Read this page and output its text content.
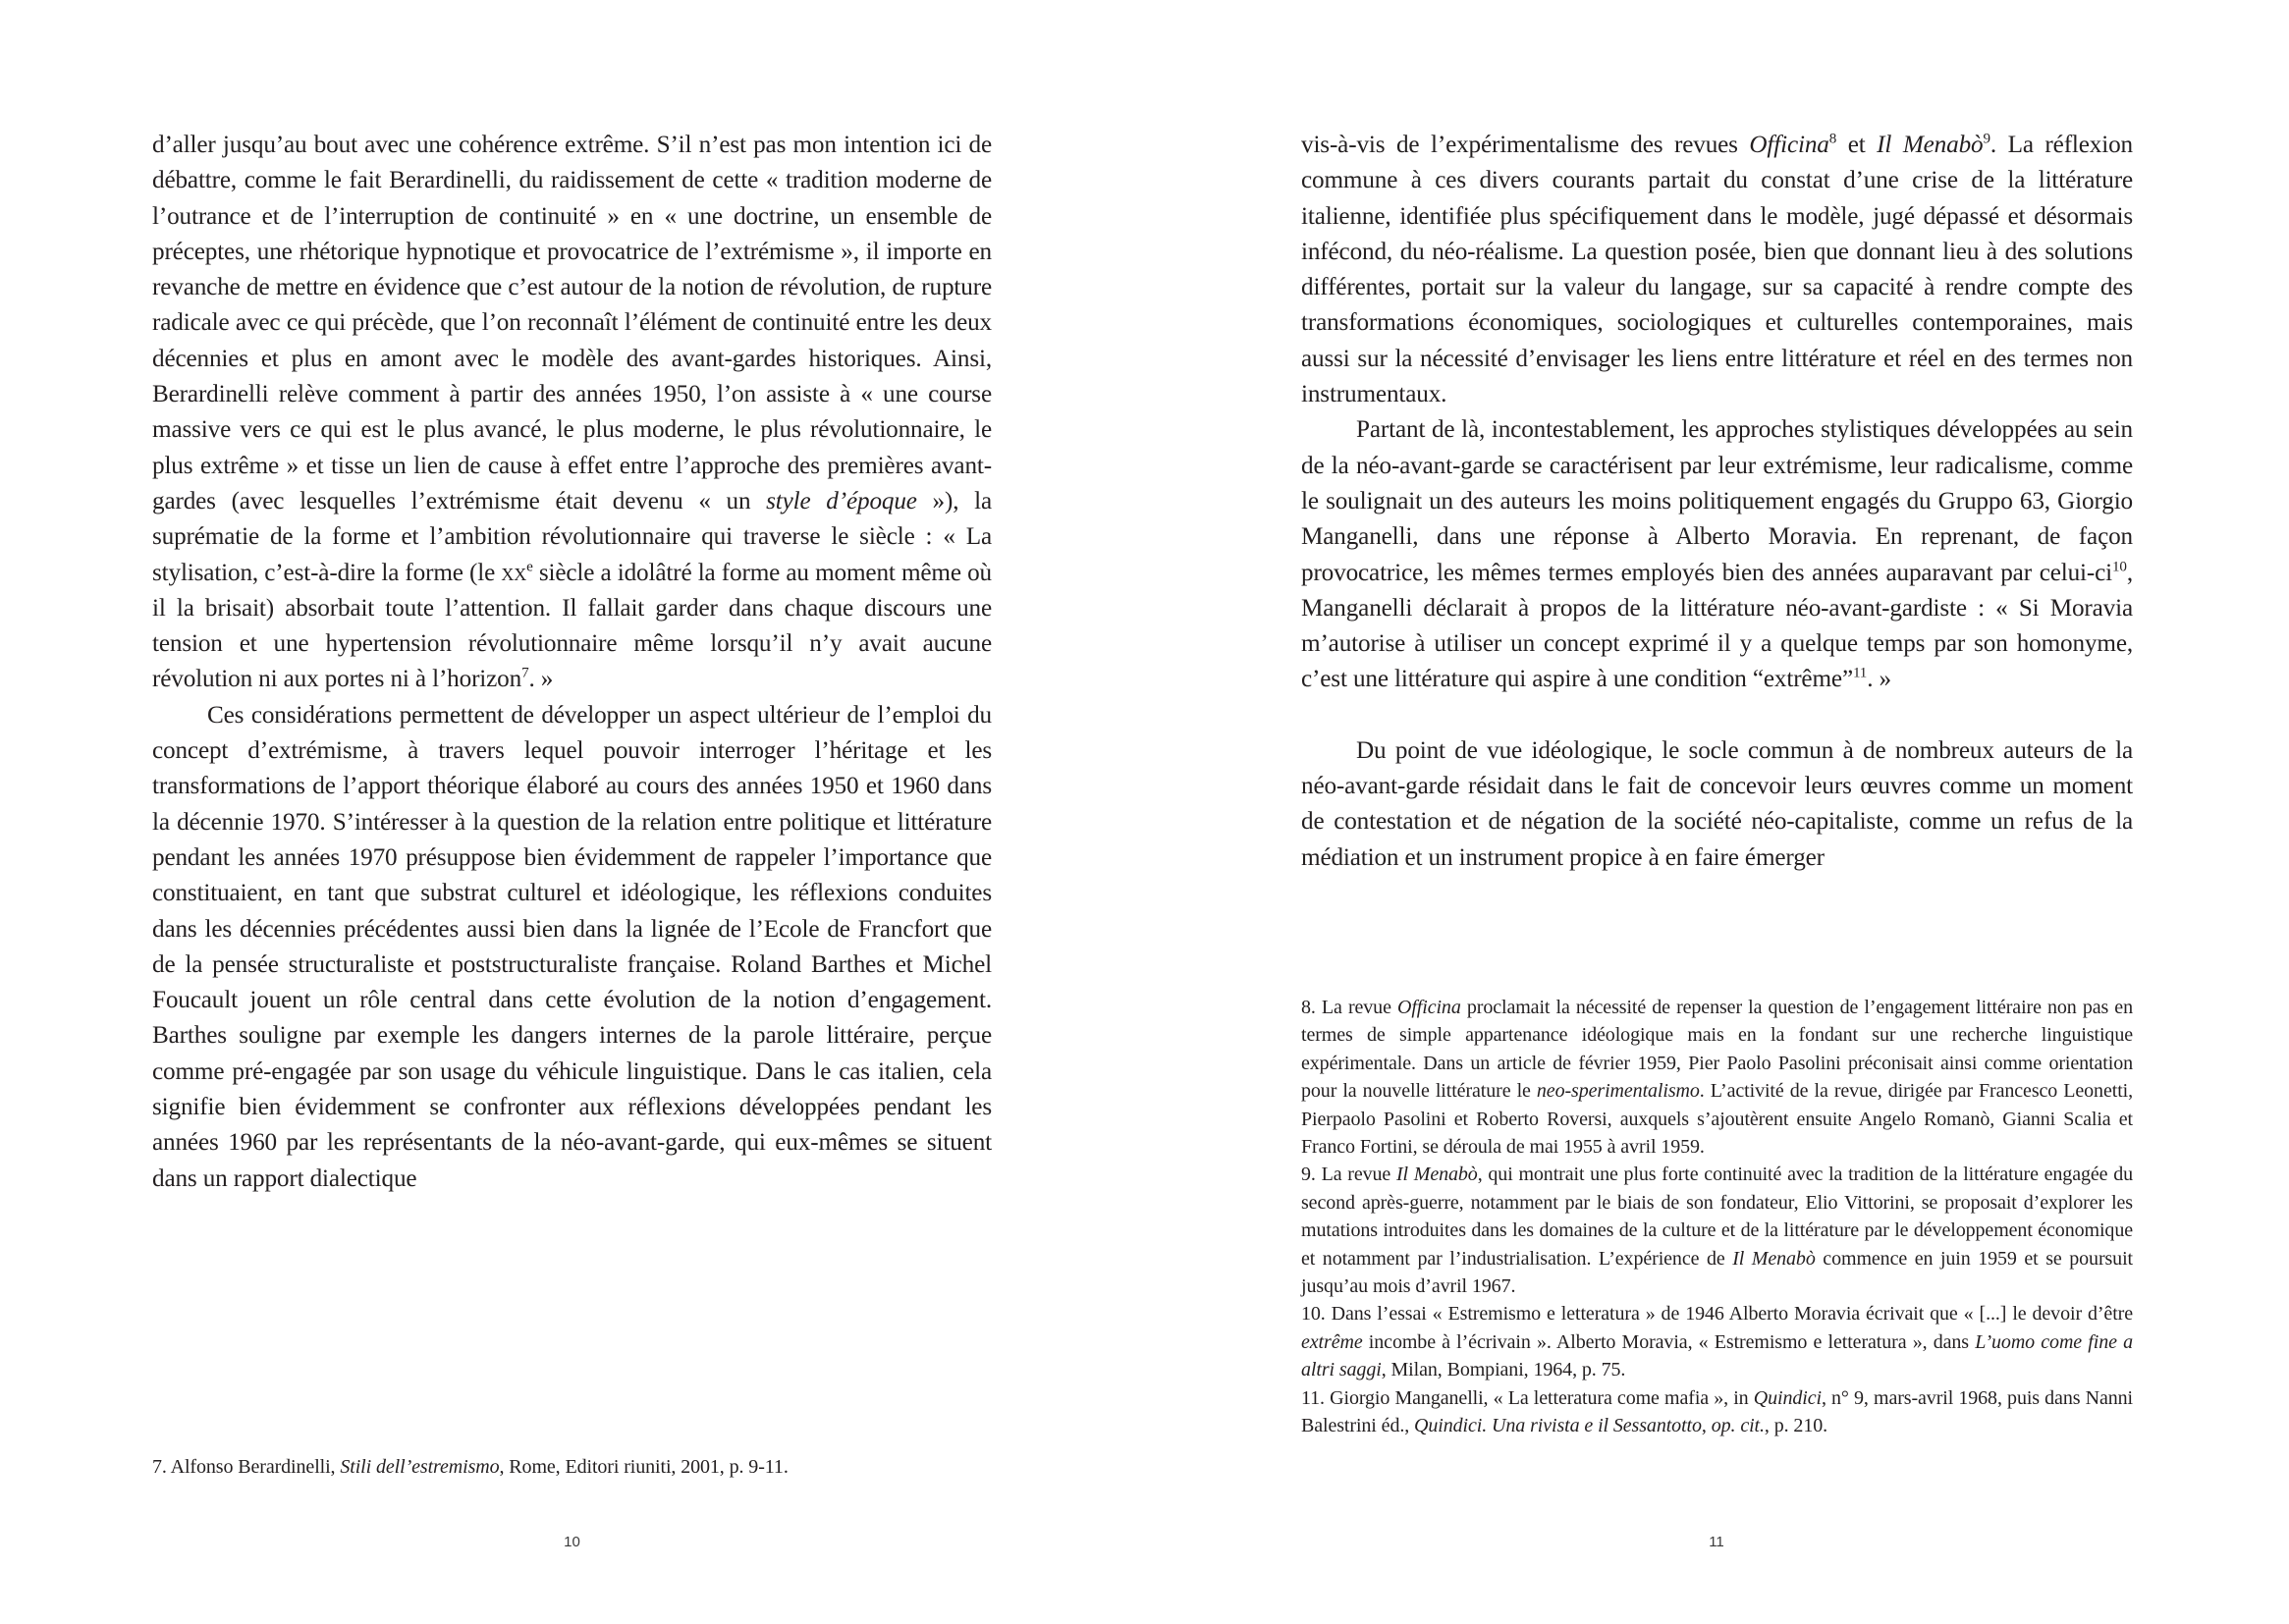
d’aller jusqu’au bout avec une cohérence extrême. S’il n’est pas mon intention ici de débattre, comme le fait Berardinelli, du raidissement de cette « tradition moderne de l’outrance et de l’interruption de continuité » en « une doctrine, un ensemble de préceptes, une rhétorique hypnotique et provocatrice de l’extrémisme », il importe en revanche de mettre en évidence que c’est autour de la notion de révolution, de rupture radicale avec ce qui précède, que l’on reconnaît l’élément de continuité entre les deux décennies et plus en amont avec le modèle des avant-gardes historiques. Ainsi, Berardinelli relève comment à partir des années 1950, l’on assiste à « une course massive vers ce qui est le plus avancé, le plus moderne, le plus révolutionnaire, le plus extrême » et tisse un lien de cause à effet entre l’approche des premières avant-gardes (avec lesquelles l’extrémisme était devenu « un style d’époque »), la suprématie de la forme et l’ambition révolutionnaire qui traverse le siècle : « La stylisation, c’est-à-dire la forme (le $xx^e$ siècle a idolâtré la forme au moment même où il la brisait) absorbait toute l’attention. Il fallait garder dans chaque discours une tension et une hypertension révolutionnaire même lorsqu’il n’y avait aucune révolution ni aux portes ni à l’horizon$^7$. »

Ces considérations permettent de développer un aspect ultérieur de l’emploi du concept d’extrémisme, à travers lequel pouvoir interroger l’héritage et les transformations de l’apport théorique élaboré au cours des années 1950 et 1960 dans la décennie 1970. S’intéresser à la question de la relation entre politique et littérature pendant les années 1970 présuppose bien évidemment de rappeler l’importance que constituaient, en tant que substrat culturel et idéologique, les réflexions conduites dans les décennies précédentes aussi bien dans la lignée de l’Ecole de Francfort que de la pensée structuraliste et poststructuraliste française. Roland Barthes et Michel Foucault jouent un rôle central dans cette évolution de la notion d’engagement. Barthes souligne par exemple les dangers internes de la parole littéraire, perçue comme pré-engagée par son usage du véhicule linguistique. Dans le cas italien, cela signifie bien évidemment se confronter aux réflexions développées pendant les années 1960 par les représentants de la néo-avant-garde, qui eux-mêmes se situent dans un rapport dialectique

7. Alfonso Berardinelli, Stili dell’estremismo, Rome, Editori riuniti, 2001, p. 9-11.

10

vis-à-vis de l’expérimentalisme des revues Officina$^8$ et Il Menabò$^9$. La réflexion commune à ces divers courants partait du constat d’une crise de la littérature italienne, identifiée plus spécifiquement dans le modèle, jugé dépassé et désormais infécond, du néo-réalisme. La question posée, bien que donnant lieu à des solutions différentes, portait sur la valeur du langage, sur sa capacité à rendre compte des transformations économiques, sociologiques et culturelles contemporaines, mais aussi sur la nécessité d’envisager les liens entre littérature et réel en des termes non instrumentaux.

Partant de là, incontestablement, les approches stylistiques développées au sein de la néo-avant-garde se caractérisent par leur extrémisme, leur radicalisme, comme le soulignait un des auteurs les moins politiquement engagés du Gruppo 63, Giorgio Manganelli, dans une réponse à Alberto Moravia. En reprenant, de façon provocatrice, les mêmes termes employés bien des années auparavant par celui-$ci^{10}$, Manganelli déclarait à propos de la littérature néo-avant-gardiste : « Si Moravia m’autorise à utiliser un concept exprimé il y a quelque temps par son homonyme, c’est une littérature qui aspire à une condition “extrême”$^{11}$. »

Du point de vue idéologique, le socle commun à de nombreux auteurs de la néo-avant-garde résidait dans le fait de concevoir leurs œuvres comme un moment de contestation et de négation de la société néo-capitaliste, comme un refus de la médiation et un instrument propice à en faire émerger

8. La revue Officina proclamait la nécessité de repenser la question de l’engagement littéraire non pas en termes de simple appartenance idéologique mais en la fondant sur une recherche linguistique expérimentale. Dans un article de février 1959, Pier Paolo Pasolini préconisait ainsi comme orientation pour la nouvelle littérature le neo-sperimentalismo. L’activité de la revue, dirigée par Francesco Leonetti, Pierpaolo Pasolini et Roberto Roversi, auxquels s’ajoutèrent ensuite Angelo Romanò, Gianni Scalia et Franco Fortini, se déroula de mai 1955 à avril 1959.

9. La revue Il Menabò, qui montrait une plus forte continuité avec la tradition de la littérature engagée du second après-guerre, notamment par le biais de son fondateur, Elio Vittorini, se proposait d’explorer les mutations introduites dans les domaines de la culture et de la littérature par le développement économique et notamment par l’industrialisation. L’expérience de Il Menabò commence en juin 1959 et se poursuit jusqu’au mois d’avril 1967.

10. Dans l’essai « Estremismo e letteratura » de 1946 Alberto Moravia écrivait que « [...] le devoir d’être extrême incombe à l’écrivain ». Alberto Moravia, « Estremismo e letteratura », dans L’uomo come fine a altri saggi, Milan, Bompiani, 1964, p. 75.

11. Giorgio Manganelli, « La letteratura come mafia », in Quindici, n° 9, mars-avril 1968, puis dans Nanni Balestrini éd., Quindici. Una rivista e il Sessantotto, op. cit., p. 210.

11
